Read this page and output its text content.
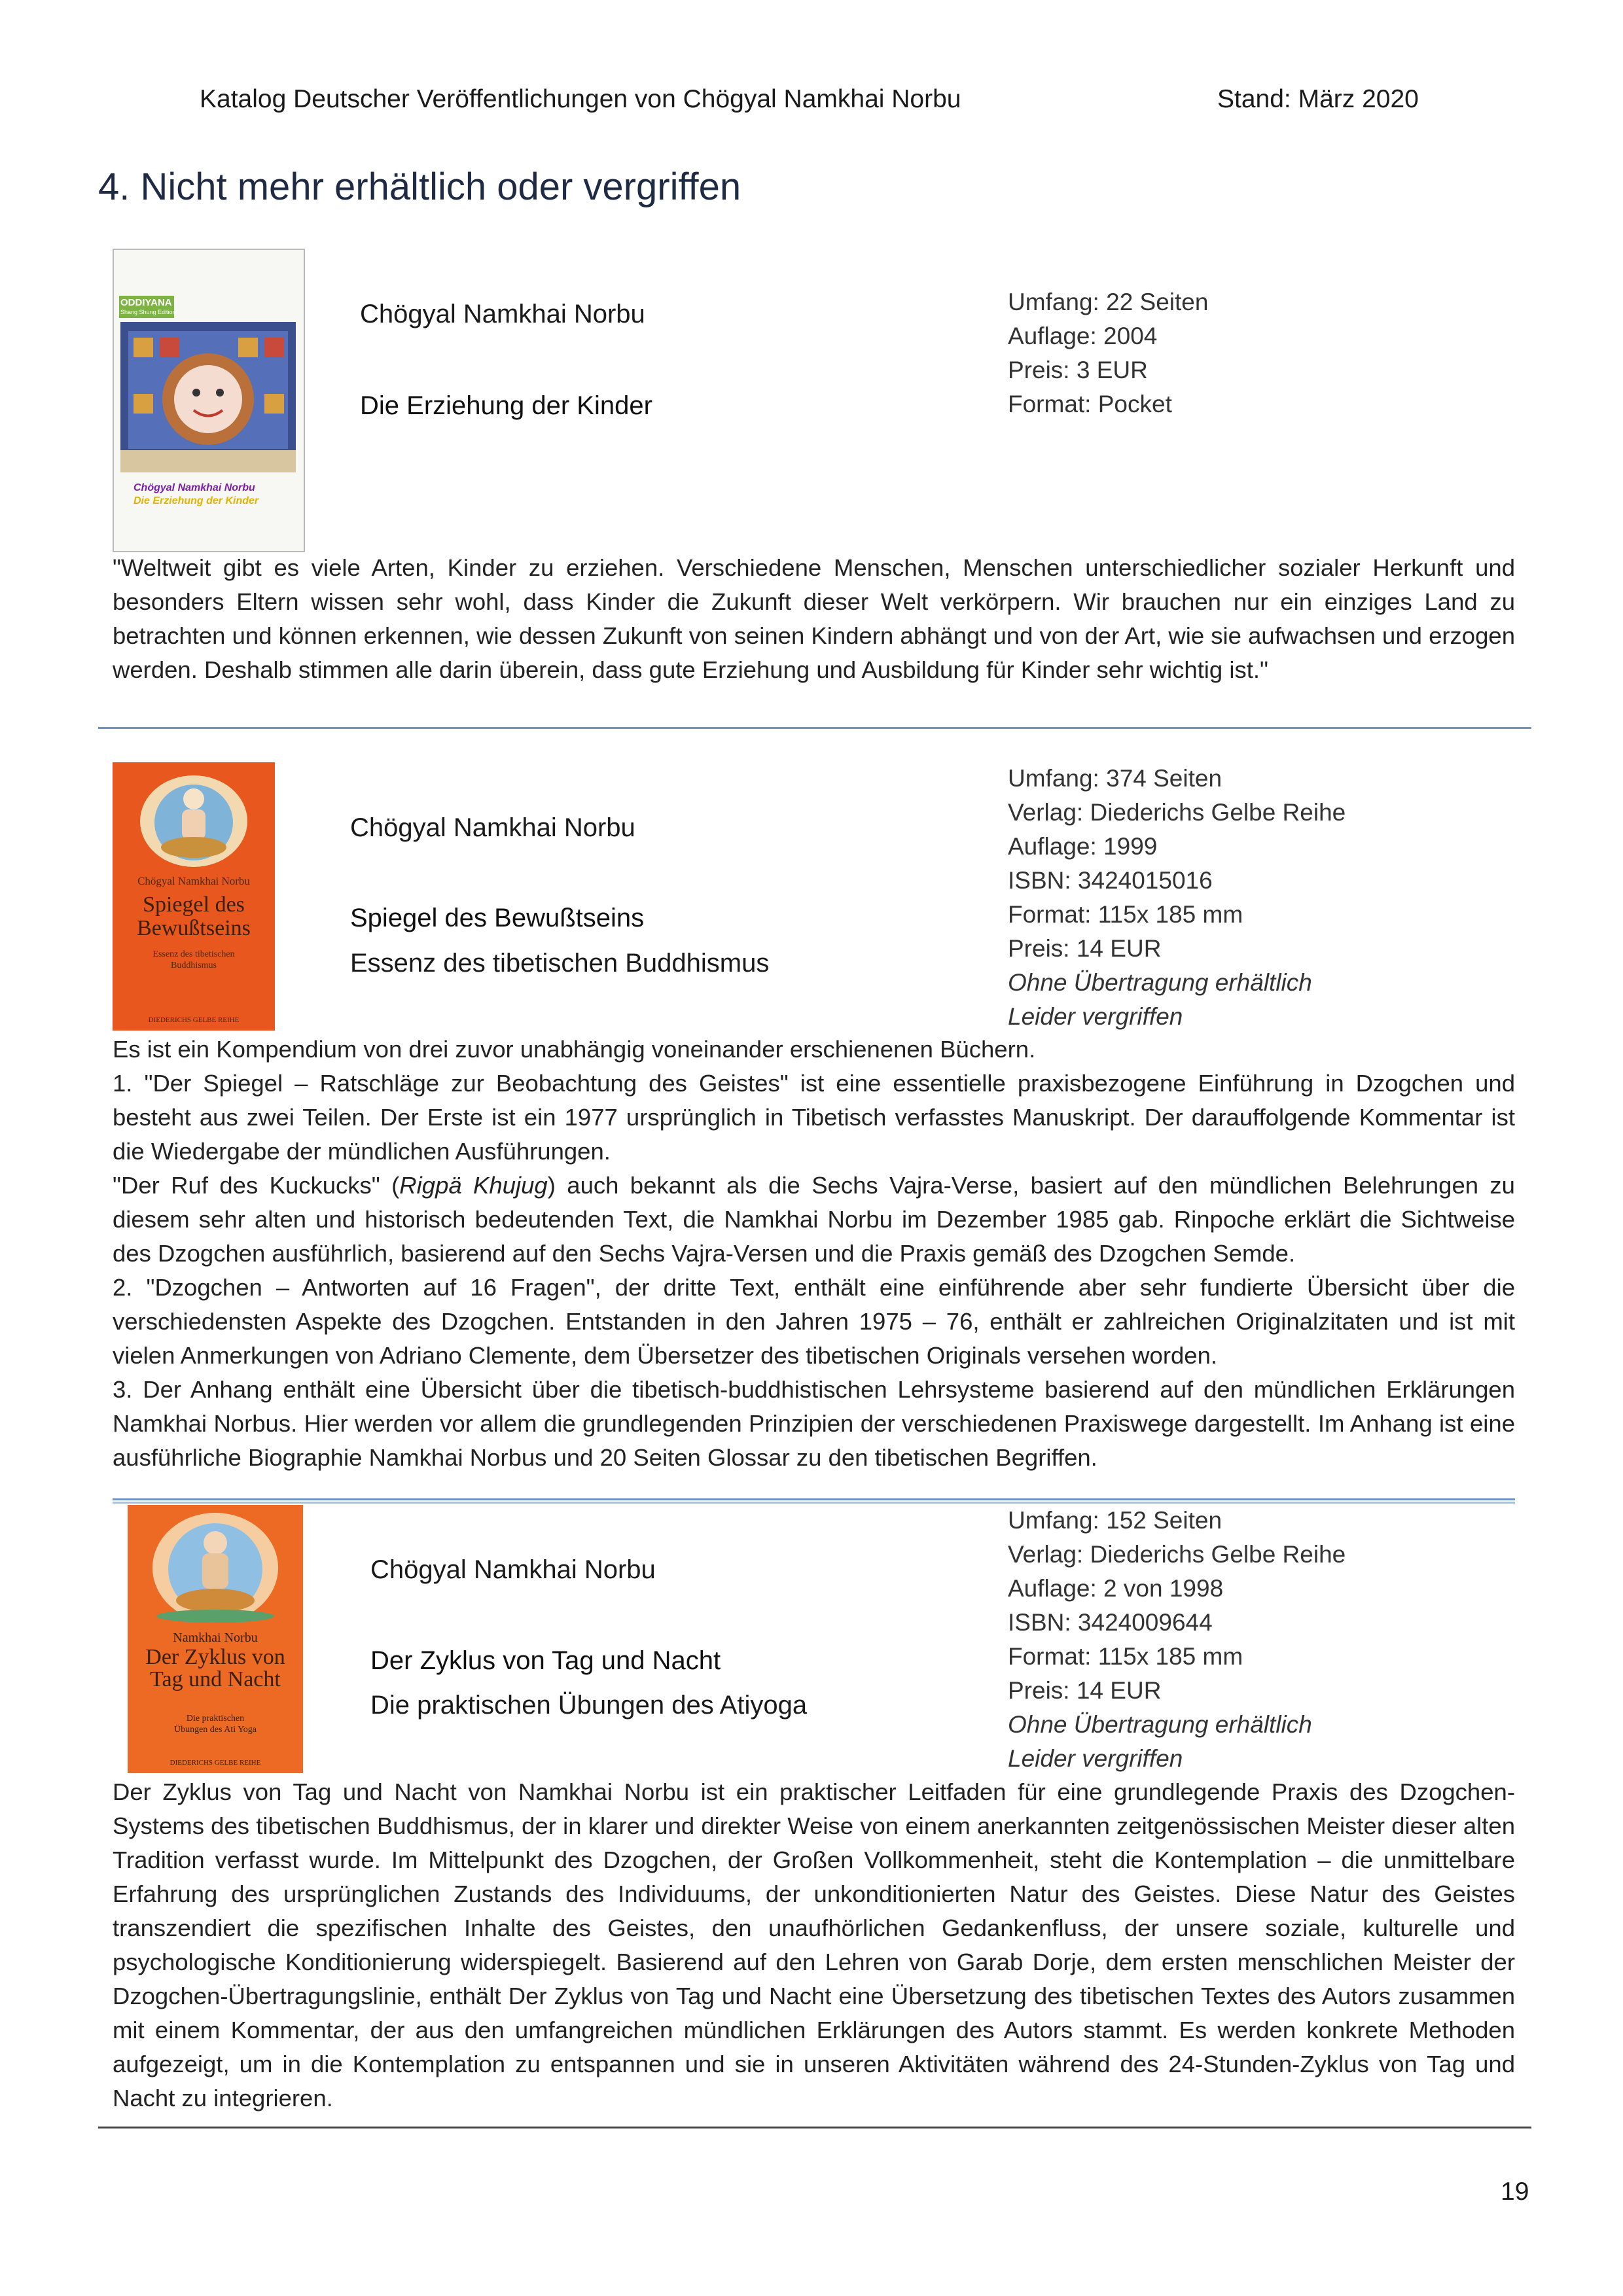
Katalog Deutscher Veröffentlichungen von Chögyal Namkhai Norbu	Stand: März 2020
4. Nicht mehr erhältlich oder vergriffen
ODDIYANA
Shang Shung Edition
Chögyal Namkhai Norbu
Die Erziehung der Kinder
Chögyal Namkhai Norbu
Die Erziehung der Kinder
Umfang: 22 Seiten
Auflage: 2004
Preis: 3 EUR
Format: Pocket

"Weltweit gibt es viele Arten, Kinder zu erziehen. Verschiedene Menschen, Menschen unterschiedlicher sozialer Herkunft und besonders Eltern wissen sehr wohl, dass Kinder die Zukunft dieser Welt verkörpern. Wir brauchen nur ein einziges Land zu betrachten und können erkennen, wie dessen Zukunft von seinen Kindern abhängt und von der Art, wie sie aufwachsen und erzogen werden. Deshalb stimmen alle darin überein, dass gute Erziehung und Ausbildung für Kinder sehr wichtig ist."

Chögyal Namkhai Norbu
Spiegel des Bewußtseins
Essenz des tibetischen Buddhismus
DIEDERICHS GELBE REIHE
Chögyal Namkhai Norbu
Spiegel des Bewußtseins
Essenz des tibetischen Buddhismus
Umfang: 374 Seiten
Verlag: Diederichs Gelbe Reihe
Auflage: 1999
ISBN: 3424015016
Format: 115x 185 mm
Preis: 14 EUR
Ohne Übertragung erhältlich
Leider vergriffen

Es ist ein Kompendium von drei zuvor unabhängig voneinander erschienenen Büchern.

1. "Der Spiegel – Ratschläge zur Beobachtung des Geistes" ist eine essentielle praxisbezogene Einführung in Dzogchen und besteht aus zwei Teilen. Der Erste ist ein 1977 ursprünglich in Tibetisch verfasstes Manuskript. Der darauffolgende Kommentar ist die Wiedergabe der mündlichen Ausführungen.

"Der Ruf des Kuckucks" (Rigpä Khujug) auch bekannt als die Sechs Vajra-Verse, basiert auf den mündlichen Belehrungen zu diesem sehr alten und historisch bedeutenden Text, die Namkhai Norbu im Dezember 1985 gab. Rinpoche erklärt die Sichtweise des Dzogchen ausführlich, basierend auf den Sechs Vajra-Versen und die Praxis gemäß des Dzogchen Semde.

2. "Dzogchen – Antworten auf 16 Fragen", der dritte Text, enthält eine einführende aber sehr fundierte Übersicht über die verschiedensten Aspekte des Dzogchen. Entstanden in den Jahren 1975 – 76, enthält er zahlreichen Originalzitaten und ist mit vielen Anmerkungen von Adriano Clemente, dem Übersetzer des tibetischen Originals versehen worden.

3. Der Anhang enthält eine Übersicht über die tibetisch-buddhistischen Lehrsysteme basierend auf den mündlichen Erklärungen Namkhai Norbus. Hier werden vor allem die grundlegenden Prinzipien der verschiedenen Praxiswege dargestellt. Im Anhang ist eine ausführliche Biographie Namkhai Norbus und 20 Seiten Glossar zu den tibetischen Begriffen.

Namkhai Norbu
Der Zyklus von Tag und Nacht
Die praktischen Übungen des Ati Yoga
DIEDERICHS GELBE REIHE
Chögyal Namkhai Norbu
Der Zyklus von Tag und Nacht
Die praktischen Übungen des Atiyoga
Umfang: 152 Seiten
Verlag: Diederichs Gelbe Reihe
Auflage: 2 von 1998
ISBN: 3424009644
Format: 115x 185 mm
Preis: 14 EUR
Ohne Übertragung erhältlich
Leider vergriffen

Der Zyklus von Tag und Nacht von Namkhai Norbu ist ein praktischer Leitfaden für eine grundlegende Praxis des Dzogchen-Systems des tibetischen Buddhismus, der in klarer und direkter Weise von einem anerkannten zeitgenössischen Meister dieser alten Tradition verfasst wurde. Im Mittelpunkt des Dzogchen, der Großen Vollkommenheit, steht die Kontemplation – die unmittelbare Erfahrung des ursprünglichen Zustands des Individuums, der unkonditionierten Natur des Geistes. Diese Natur des Geistes transzendiert die spezifischen Inhalte des Geistes, den unaufhörlichen Gedankenfluss, der unsere soziale, kulturelle und psychologische Konditionierung widerspiegelt. Basierend auf den Lehren von Garab Dorje, dem ersten menschlichen Meister der Dzogchen-Übertragungslinie, enthält Der Zyklus von Tag und Nacht eine Übersetzung des tibetischen Textes des Autors zusammen mit einem Kommentar, der aus den umfangreichen mündlichen Erklärungen des Autors stammt. Es werden konkrete Methoden aufgezeigt, um in die Kontemplation zu entspannen und sie in unseren Aktivitäten während des 24-Stunden-Zyklus von Tag und Nacht zu integrieren.

19
